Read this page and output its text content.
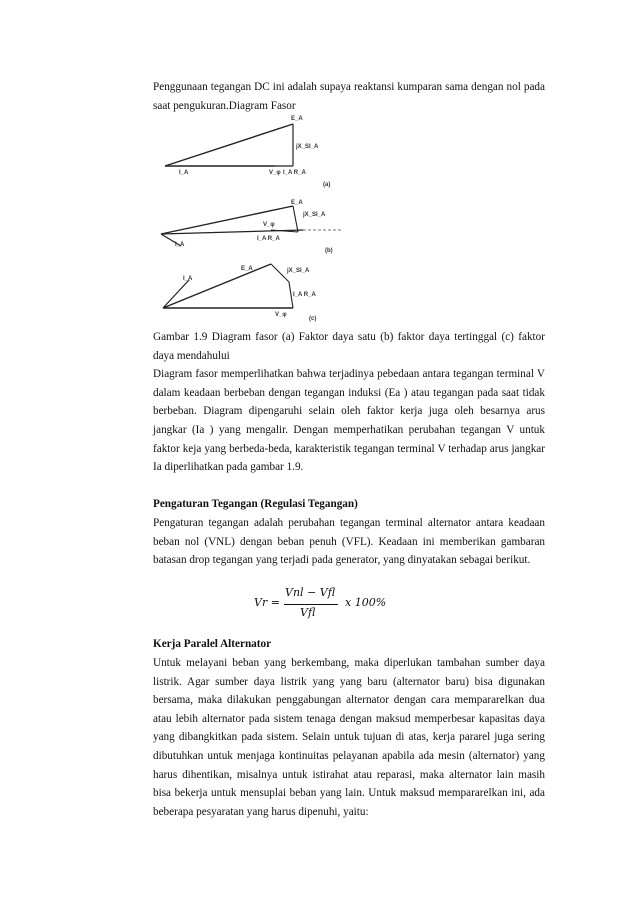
Penggunaan tegangan DC ini adalah supaya reaktansi kumparan sama dengan nol pada saat pengukuran.Diagram Fasor
E_A
jX_SI_A
I_A	V_φ I_A R_A
(a)
E_A
jX_SI_A
I_A
V_φ
I_A R_A
(b)
E_A	jX_SI_A
I_A
V_φ
I_A R_A
(c)
Gambar 1.9 Diagram fasor (a) Faktor daya satu (b) faktor daya tertinggal (c) faktor daya mendahului
Diagram fasor memperlihatkan bahwa terjadinya pebedaan antara tegangan terminal V dalam keadaan berbeban dengan tegangan induksi (Ea ) atau tegangan pada saat tidak berbeban. Diagram dipengaruhi selain oleh faktor kerja juga oleh besarnya arus jangkar (Ia ) yang mengalir. Dengan memperhatikan perubahan tegangan V untuk faktor keja yang berbeda-beda, karakteristik tegangan terminal V terhadap arus jangkar Ia diperlihatkan pada gambar 1.9.
Pengaturan Tegangan (Regulasi Tegangan)
Pengaturan tegangan adalah perubahan tegangan terminal alternator antara keadaan beban nol (VNL) dengan beban penuh (VFL). Keadaan ini memberikan gambaran batasan drop tegangan yang terjadi pada generator, yang dinyatakan sebagai berikut.
Vr =
Vnl − Vfl
Vfl
x 100%
Kerja Paralel Alternator
Untuk melayani beban yang berkembang, maka diperlukan tambahan sumber daya listrik. Agar sumber daya listrik yang yang baru (alternator baru) bisa digunakan bersama, maka dilakukan penggabungan alternator dengan cara mempararelkan dua atau lebih alternator pada sistem tenaga dengan maksud memperbesar kapasitas daya yang dibangkitkan pada sistem. Selain untuk tujuan di atas, kerja pararel juga sering dibutuhkan untuk menjaga kontinuitas pelayanan apabila ada mesin (alternator) yang harus dihentikan, misalnya untuk istirahat atau reparasi, maka alternator lain masih bisa bekerja untuk mensuplai beban yang lain. Untuk maksud mempararelkan ini, ada beberapa pesyaratan yang harus dipenuhi, yaitu:
